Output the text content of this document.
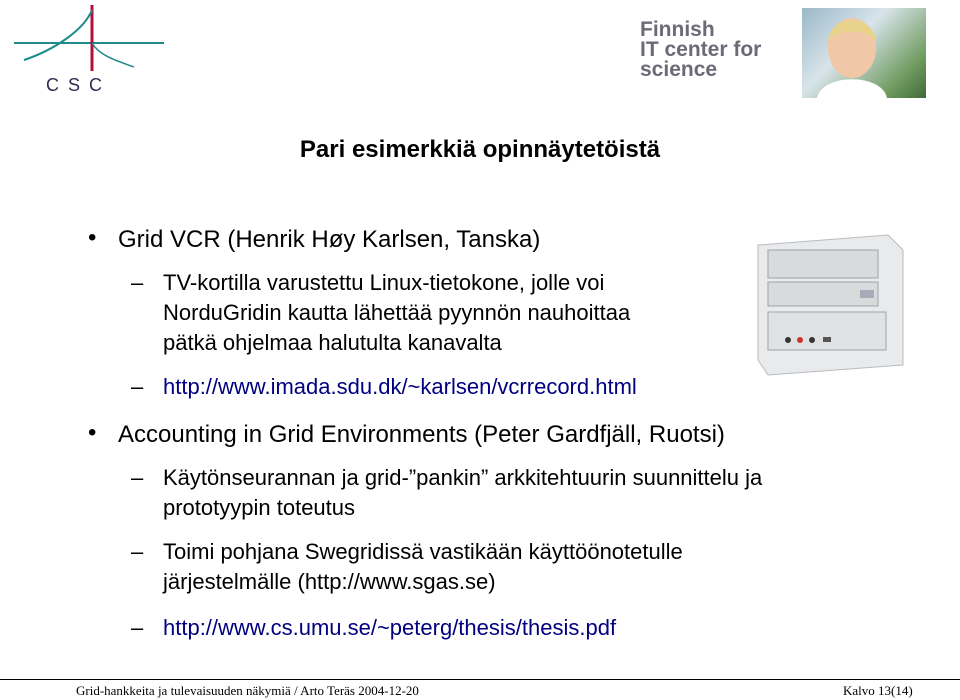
CSC
Finnish
IT center for
science
Pari esimerkkiä opinnäytetöistä
• Grid VCR (Henrik Høy Karlsen, Tanska)
– TV-kortilla varustettu Linux-tietokone, jolle voi
NorduGridin kautta lähettää pyynnön nauhoittaa
pätkä ohjelmaa halutulta kanavalta
– http://www.imada.sdu.dk/~karlsen/vcrrecord.html
• Accounting in Grid Environments (Peter Gardfjäll, Ruotsi)
– Käytönseurannan ja grid-”pankin” arkkitehtuurin suunnittelu ja
prototyypin toteutus
– Toimi pohjana Swegridissä vastikään käyttöönotetulle
järjestelmälle (http://www.sgas.se)
– http://www.cs.umu.se/~peterg/thesis/thesis.pdf
Grid-hankkeita ja tulevaisuuden näkymiä / Arto Teräs 2004-12-20	Kalvo 13(14)
